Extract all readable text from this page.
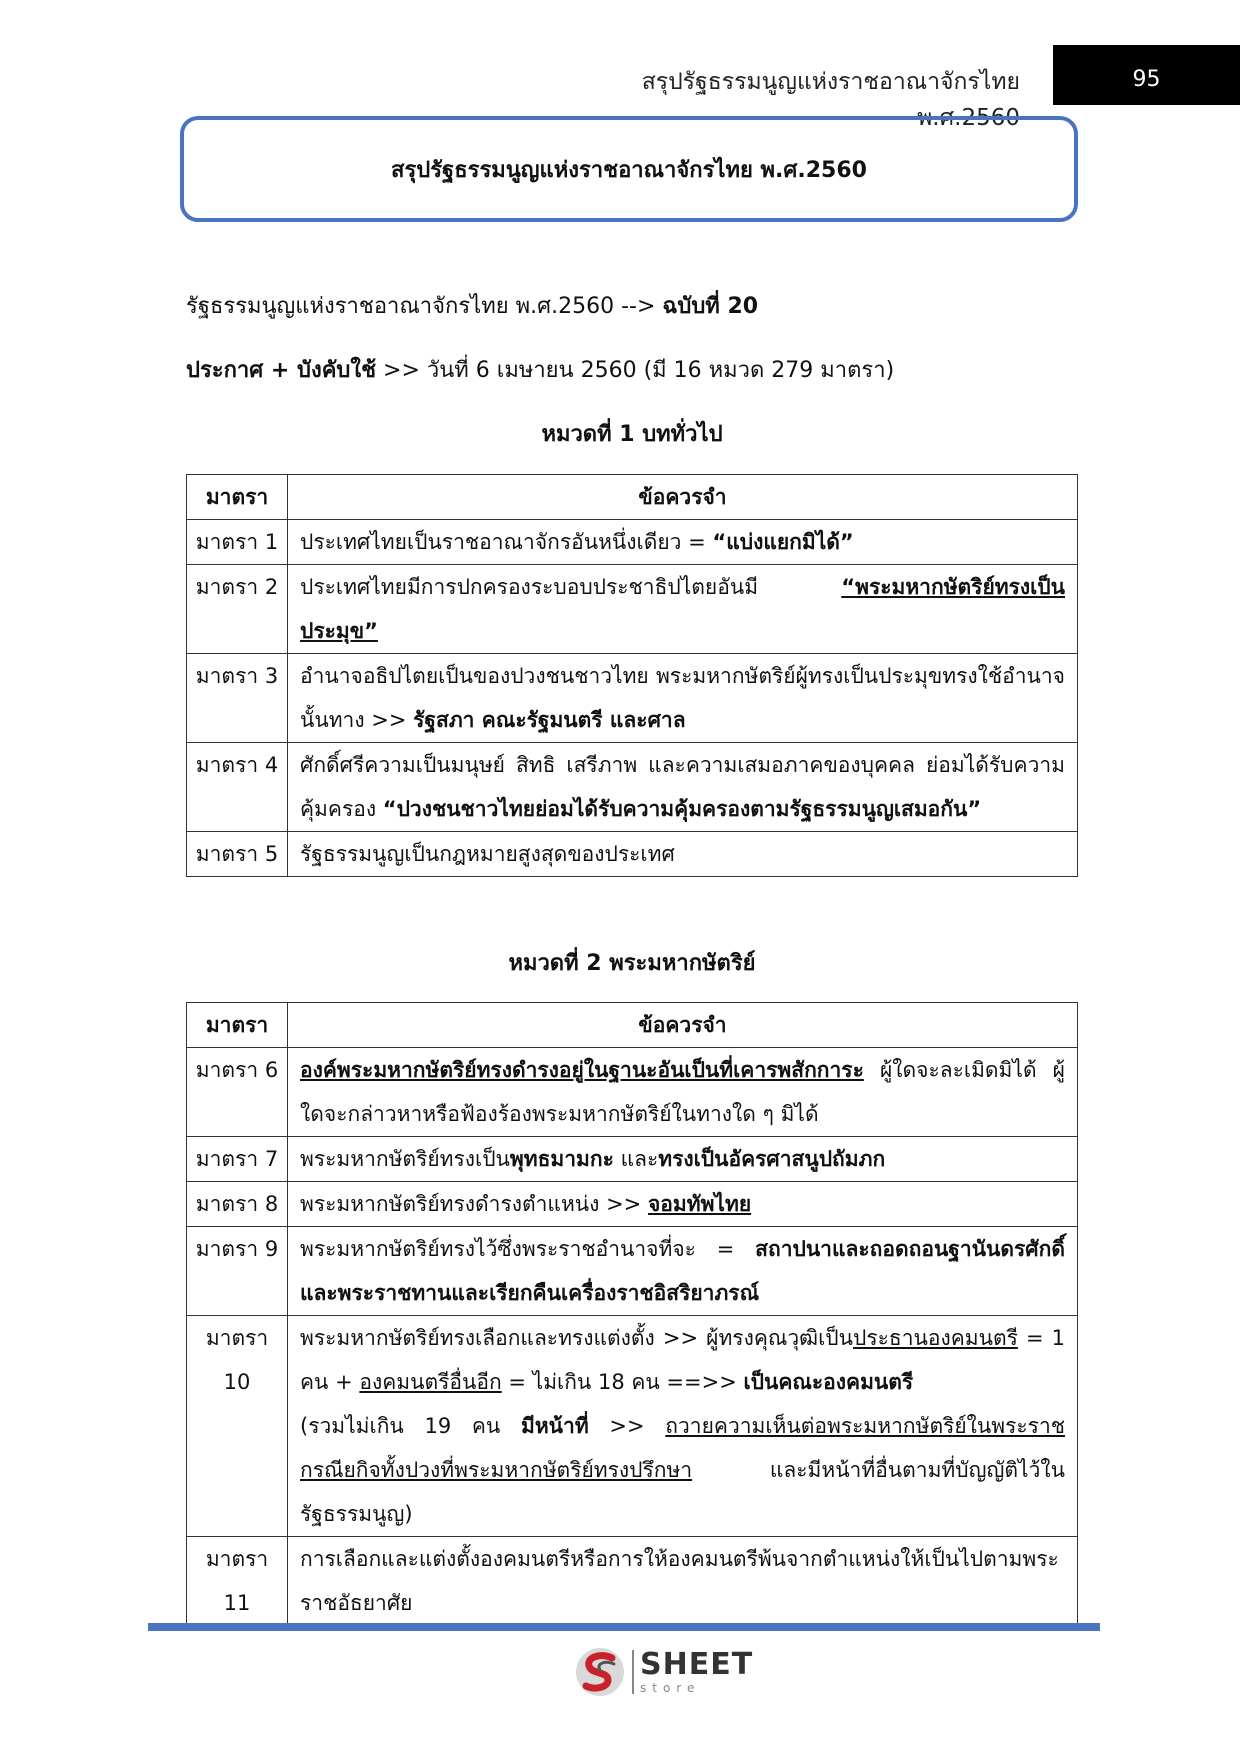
สรุปรัฐธรรมนูญแห่งราชอาณาจักรไทย พ.ศ.2560
95
สรุปรัฐธรรมนูญแห่งราชอาณาจักรไทย พ.ศ.2560
รัฐธรรมนูญแห่งราชอาณาจักรไทย พ.ศ.2560 --> ฉบับที่ 20
ประกาศ + บังคับใช้ >> วันที่ 6 เมษายน 2560 (มี 16 หมวด 279 มาตรา)
หมวดที่ 1 บททั่วไป
มาตรา	ข้อควรจำ
มาตรา 1	ประเทศไทยเป็นราชอาณาจักรอันหนึ่งเดียว = “แบ่งแยกมิได้”
มาตรา 2	ประเทศไทยมีการปกครองระบอบประชาธิปไตยอันมี “พระมหากษัตริย์ทรงเป็นประมุข”
มาตรา 3	อำนาจอธิปไตยเป็นของปวงชนชาวไทย พระมหากษัตริย์ผู้ทรงเป็นประมุขทรงใช้อำนาจนั้นทาง >> รัฐสภา คณะรัฐมนตรี และศาล
มาตรา 4	ศักดิ์ศรีความเป็นมนุษย์ สิทธิ เสรีภาพ และความเสมอภาคของบุคคล ย่อมได้รับความคุ้มครอง “ปวงชนชาวไทยย่อมได้รับความคุ้มครองตามรัฐธรรมนูญเสมอกัน”
มาตรา 5	รัฐธรรมนูญเป็นกฎหมายสูงสุดของประเทศ
หมวดที่ 2 พระมหากษัตริย์
มาตรา	ข้อควรจำ
มาตรา 6	องค์พระมหากษัตริย์ทรงดำรงอยู่ในฐานะอันเป็นที่เคารพสักการะ ผู้ใดจะละเมิดมิได้ ผู้ใดจะกล่าวหาหรือฟ้องร้องพระมหากษัตริย์ในทางใด ๆ มิได้
มาตรา 7	พระมหากษัตริย์ทรงเป็นพุทธมามกะ และทรงเป็นอัครศาสนูปถัมภก
มาตรา 8	พระมหากษัตริย์ทรงดำรงตำแหน่ง >> จอมทัพไทย
มาตรา 9	พระมหากษัตริย์ทรงไว้ซึ่งพระราชอำนาจที่จะ = สถาปนาและถอดถอนฐานันดรศักดิ์และพระราชทานและเรียกคืนเครื่องราชอิสริยาภรณ์
มาตรา 10	พระมหากษัตริย์ทรงเลือกและทรงแต่งตั้ง >> ผู้ทรงคุณวุฒิเป็นประธานองคมนตรี = 1 คน + องคมนตรีอื่นอีก = ไม่เกิน 18 คน ==>> เป็นคณะองคมนตรี
(รวมไม่เกิน 19 คน มีหน้าที่ >> ถวายความเห็นต่อพระมหากษัตริย์ในพระราชกรณียกิจทั้งปวงที่พระมหากษัตริย์ทรงปรึกษา และมีหน้าที่อื่นตามที่บัญญัติไว้ในรัฐธรรมนูญ)
มาตรา 11	การเลือกและแต่งตั้งองคมนตรีหรือการให้องคมนตรีพ้นจากตำแหน่งให้เป็นไปตามพระราชอัธยาศัย
SHEET
store
